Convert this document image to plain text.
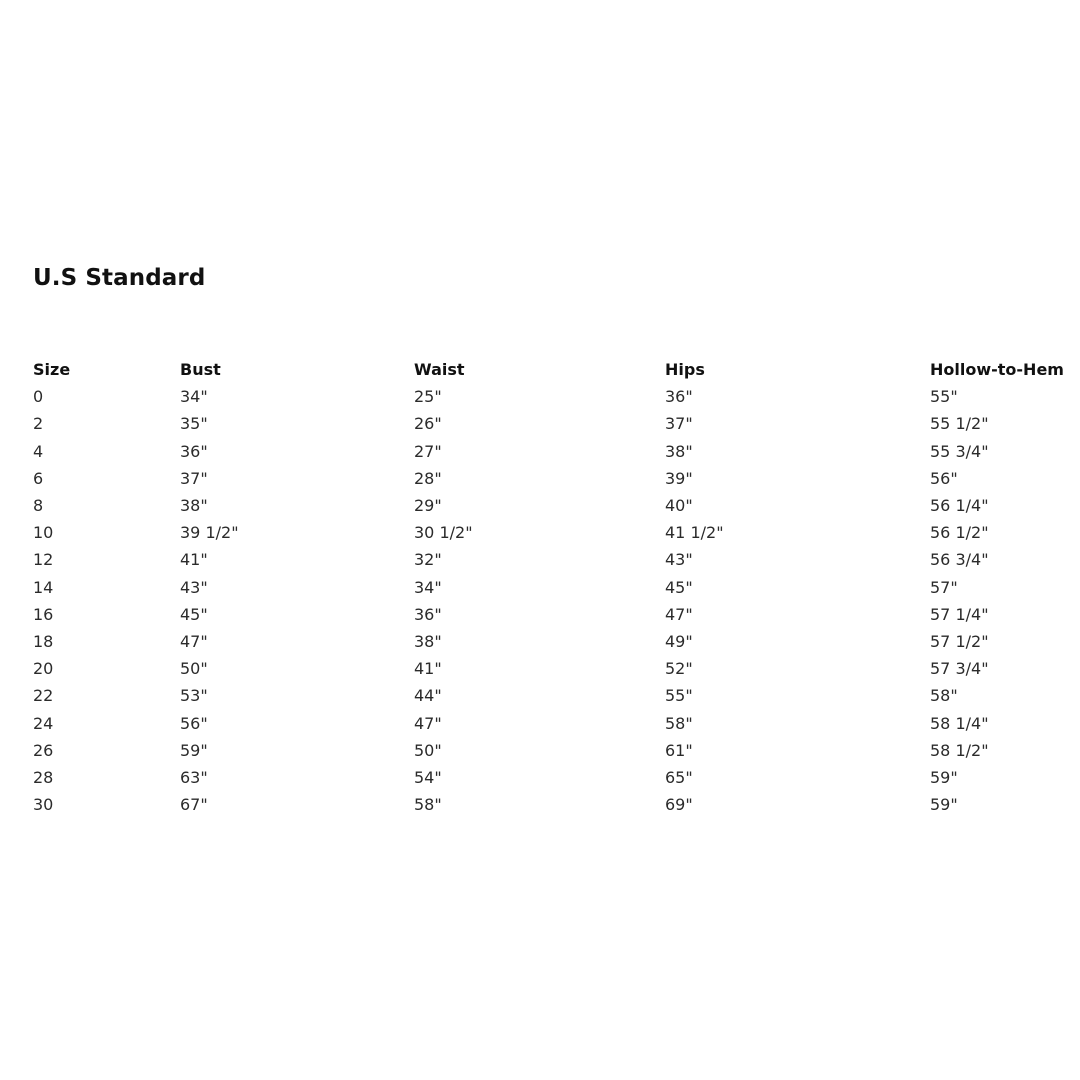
U.S Standard
Size	Bust	Waist	Hips	Hollow-to-Hem
0	34"	25"	36"	55"
2	35"	26"	37"	55 1/2"
4	36"	27"	38"	55 3/4"
6	37"	28"	39"	56"
8	38"	29"	40"	56 1/4"
10	39 1/2"	30 1/2"	41 1/2"	56 1/2"
12	41"	32"	43"	56 3/4"
14	43"	34"	45"	57"
16	45"	36"	47"	57 1/4"
18	47"	38"	49"	57 1/2"
20	50"	41"	52"	57 3/4"
22	53"	44"	55"	58"
24	56"	47"	58"	58 1/4"
26	59"	50"	61"	58 1/2"
28	63"	54"	65"	59"
30	67"	58"	69"	59"
